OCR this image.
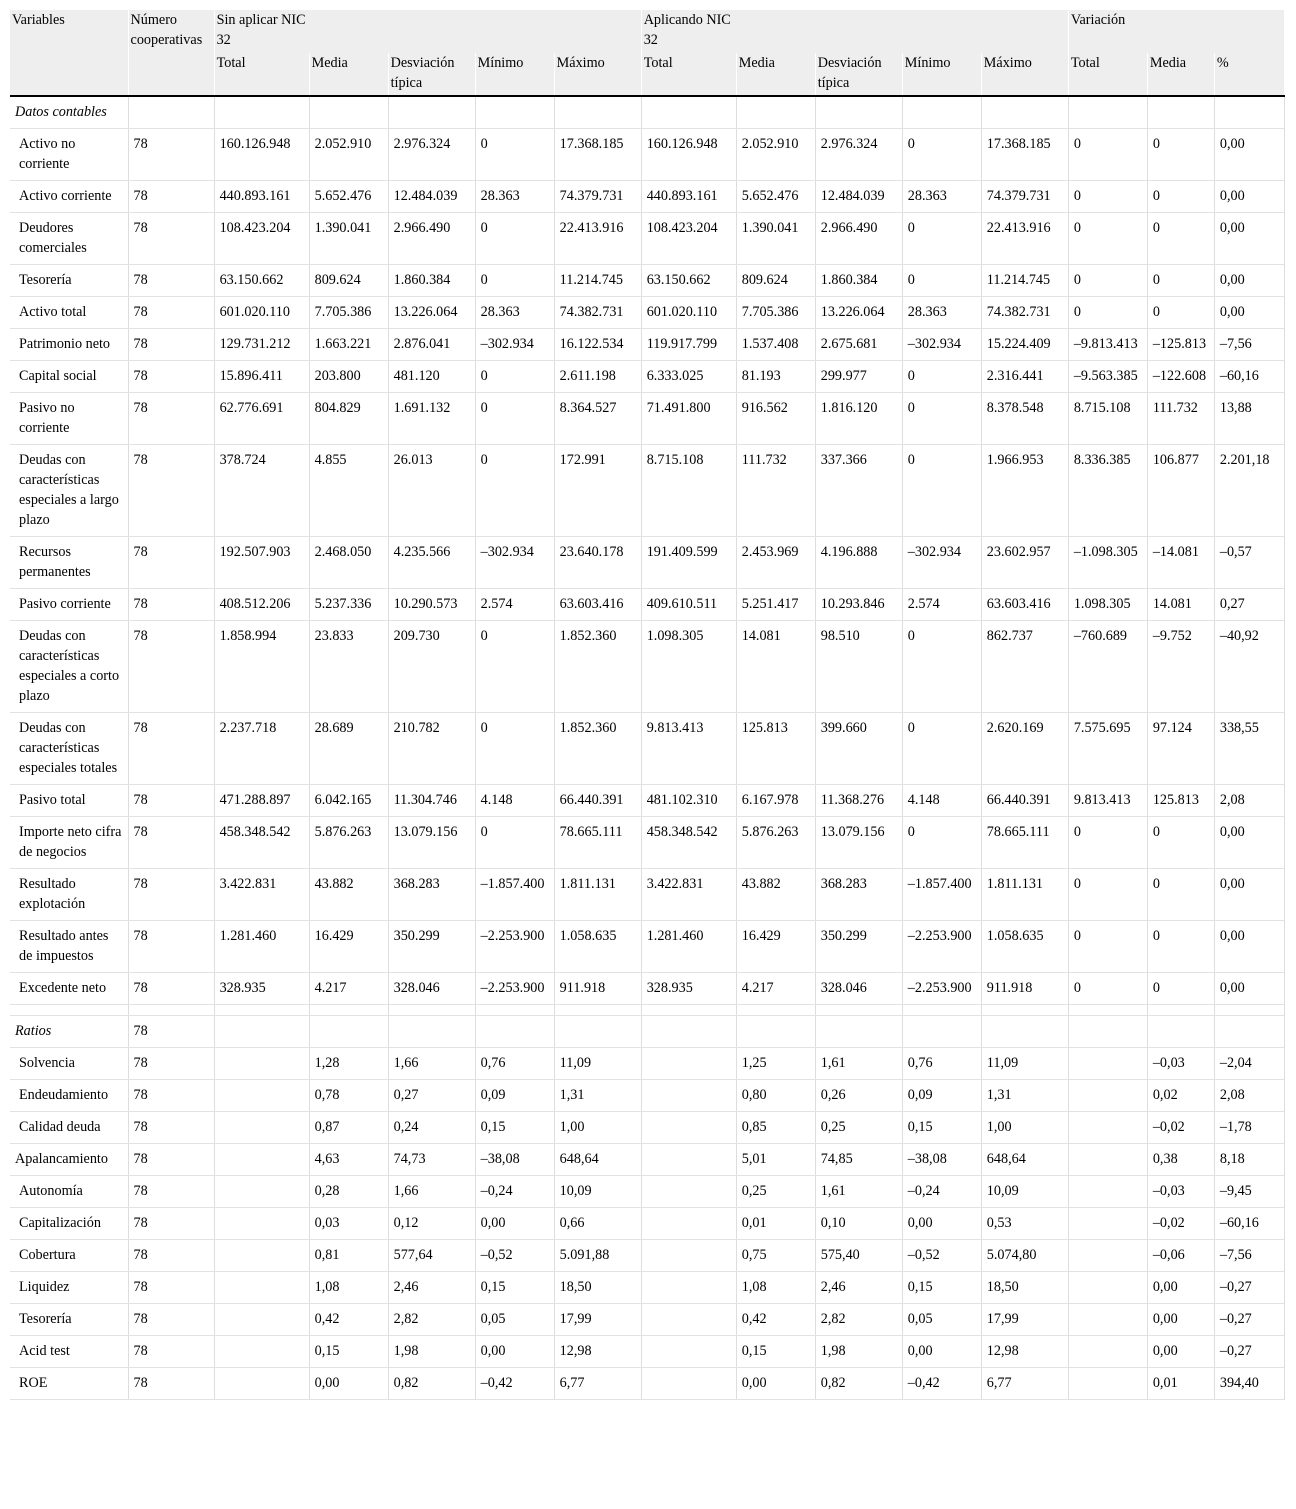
Variables	Número cooperativas	Sin aplicar NIC 32					Aplicando NIC 32					Variación		
		Total	Media	Desviación típica	Mínimo	Máximo	Total	Media	Desviación típica	Mínimo	Máximo	Total	Media	%
Datos contables														
Activo no corriente	78	160.126.948	2.052.910	2.976.324	0	17.368.185	160.126.948	2.052.910	2.976.324	0	17.368.185	0	0	0,00
Activo corriente	78	440.893.161	5.652.476	12.484.039	28.363	74.379.731	440.893.161	5.652.476	12.484.039	28.363	74.379.731	0	0	0,00
Deudores comerciales	78	108.423.204	1.390.041	2.966.490	0	22.413.916	108.423.204	1.390.041	2.966.490	0	22.413.916	0	0	0,00
Tesorería	78	63.150.662	809.624	1.860.384	0	11.214.745	63.150.662	809.624	1.860.384	0	11.214.745	0	0	0,00
Activo total	78	601.020.110	7.705.386	13.226.064	28.363	74.382.731	601.020.110	7.705.386	13.226.064	28.363	74.382.731	0	0	0,00
Patrimonio neto	78	129.731.212	1.663.221	2.876.041	–302.934	16.122.534	119.917.799	1.537.408	2.675.681	–302.934	15.224.409	–9.813.413	–125.813	–7,56
Capital social	78	15.896.411	203.800	481.120	0	2.611.198	6.333.025	81.193	299.977	0	2.316.441	–9.563.385	–122.608	–60,16
Pasivo no corriente	78	62.776.691	804.829	1.691.132	0	8.364.527	71.491.800	916.562	1.816.120	0	8.378.548	8.715.108	111.732	13,88
Deudas con características especiales a largo plazo	78	378.724	4.855	26.013	0	172.991	8.715.108	111.732	337.366	0	1.966.953	8.336.385	106.877	2.201,18
Recursos permanentes	78	192.507.903	2.468.050	4.235.566	–302.934	23.640.178	191.409.599	2.453.969	4.196.888	–302.934	23.602.957	–1.098.305	–14.081	–0,57
Pasivo corriente	78	408.512.206	5.237.336	10.290.573	2.574	63.603.416	409.610.511	5.251.417	10.293.846	2.574	63.603.416	1.098.305	14.081	0,27
Deudas con características especiales a corto plazo	78	1.858.994	23.833	209.730	0	1.852.360	1.098.305	14.081	98.510	0	862.737	–760.689	–9.752	–40,92
Deudas con características especiales totales	78	2.237.718	28.689	210.782	0	1.852.360	9.813.413	125.813	399.660	0	2.620.169	7.575.695	97.124	338,55
Pasivo total	78	471.288.897	6.042.165	11.304.746	4.148	66.440.391	481.102.310	6.167.978	11.368.276	4.148	66.440.391	9.813.413	125.813	2,08
Importe neto cifra de negocios	78	458.348.542	5.876.263	13.079.156	0	78.665.111	458.348.542	5.876.263	13.079.156	0	78.665.111	0	0	0,00
Resultado explotación	78	3.422.831	43.882	368.283	–1.857.400	1.811.131	3.422.831	43.882	368.283	–1.857.400	1.811.131	0	0	0,00
Resultado antes de impuestos	78	1.281.460	16.429	350.299	–2.253.900	1.058.635	1.281.460	16.429	350.299	–2.253.900	1.058.635	0	0	0,00
Excedente neto	78	328.935	4.217	328.046	–2.253.900	911.918	328.935	4.217	328.046	–2.253.900	911.918	0	0	0,00

Ratios	78													
Solvencia	78		1,28	1,66	0,76	11,09		1,25	1,61	0,76	11,09		–0,03	–2,04
Endeudamiento	78		0,78	0,27	0,09	1,31		0,80	0,26	0,09	1,31		0,02	2,08
Calidad deuda	78		0,87	0,24	0,15	1,00		0,85	0,25	0,15	1,00		–0,02	–1,78
Apalancamiento	78		4,63	74,73	–38,08	648,64		5,01	74,85	–38,08	648,64		0,38	8,18
Autonomía	78		0,28	1,66	–0,24	10,09		0,25	1,61	–0,24	10,09		–0,03	–9,45
Capitalización	78		0,03	0,12	0,00	0,66		0,01	0,10	0,00	0,53		–0,02	–60,16
Cobertura	78		0,81	577,64	–0,52	5.091,88		0,75	575,40	–0,52	5.074,80		–0,06	–7,56
Liquidez	78		1,08	2,46	0,15	18,50		1,08	2,46	0,15	18,50		0,00	–0,27
Tesorería	78		0,42	2,82	0,05	17,99		0,42	2,82	0,05	17,99		0,00	–0,27
Acid test	78		0,15	1,98	0,00	12,98		0,15	1,98	0,00	12,98		0,00	–0,27
ROE	78		0,00	0,82	–0,42	6,77		0,00	0,82	–0,42	6,77		0,01	394,40
